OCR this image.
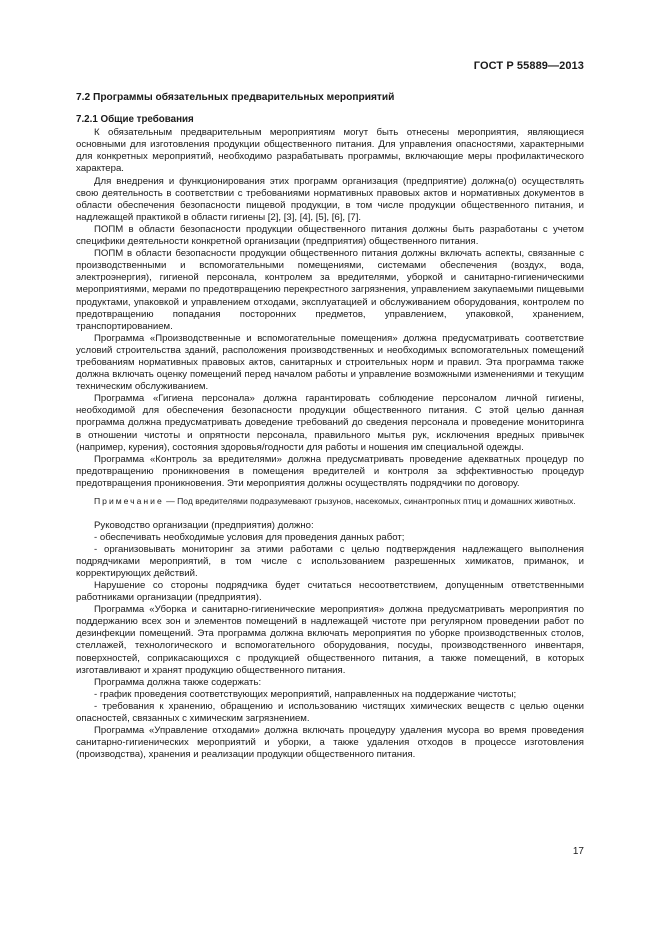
ГОСТ Р 55889—2013
7.2 Программы обязательных предварительных мероприятий
7.2.1 Общие требования

К обязательным предварительным мероприятиям могут быть отнесены мероприятия, являющиеся основными для изготовления продукции общественного питания. Для управления опасностями, характерными для конкретных мероприятий, необходимо разрабатывать программы, включающие меры профилактического характера.

Для внедрения и функционирования этих программ организация (предприятие) должна(о) осуществлять свою деятельность в соответствии с требованиями нормативных правовых актов и нормативных документов в области обеспечения безопасности пищевой продукции, в том числе продукции общественного питания, и надлежащей практикой в области гигиены [2], [3], [4], [5], [6], [7].

ПОПМ в области безопасности продукции общественного питания должны быть разработаны с учетом специфики деятельности конкретной организации (предприятия) общественного питания.

ПОПМ в области безопасности продукции общественного питания должны включать аспекты, связанные с производственными и вспомогательными помещениями, системами обеспечения (воздух, вода, электроэнергия), гигиеной персонала, контролем за вредителями, уборкой и санитарно-гигиеническими мероприятиями, мерами по предотвращению перекрестного загрязнения, управлением закупаемыми пищевыми продуктами, упаковкой и управлением отходами, эксплуатацией и обслуживанием оборудования, контролем по предотвращению попадания посторонних предметов, управлением, упаковкой, хранением, транспортированием.

Программа «Производственные и вспомогательные помещения» должна предусматривать соответствие условий строительства зданий, расположения производственных и необходимых вспомогательных помещений требованиям нормативных правовых актов, санитарных и строительных норм и правил. Эта программа также должна включать оценку помещений перед началом работы и управление возможными изменениями и текущим техническим обслуживанием.

Программа «Гигиена персонала» должна гарантировать соблюдение персоналом личной гигиены, необходимой для обеспечения безопасности продукции общественного питания. С этой целью данная программа должна предусматривать доведение требований до сведения персонала и проведение мониторинга в отношении чистоты и опрятности персонала, правильного мытья рук, исключения вредных привычек (например, курения), состояния здоровья/годности для работы и ношения им специальной одежды.

Программа «Контроль за вредителями» должна предусматривать проведение адекватных процедур по предотвращению проникновения в помещения вредителей и контроля за эффективностью процедур предотвращения проникновения. Эти мероприятия должны осуществлять подрядчики по договору.

Примечание — Под вредителями подразумевают грызунов, насекомых, синантропных птиц и домашних животных.

Руководство организации (предприятия) должно:

- обеспечивать необходимые условия для проведения данных работ;

- организовывать мониторинг за этими работами с целью подтверждения надлежащего выполнения подрядчиками мероприятий, в том числе с использованием разрешенных химикатов, приманок, и корректирующих действий.

Нарушение со стороны подрядчика будет считаться несоответствием, допущенным ответственными работниками организации (предприятия).

Программа «Уборка и санитарно-гигиенические мероприятия» должна предусматривать мероприятия по поддержанию всех зон и элементов помещений в надлежащей чистоте при регулярном проведении работ по дезинфекции помещений. Эта программа должна включать мероприятия по уборке производственных столов, стеллажей, технологического и вспомогательного оборудования, посуды, производственного инвентаря, поверхностей, соприкасающихся с продукцией общественного питания, а также помещений, в которых изготавливают и хранят продукцию общественного питания.

Программа должна также содержать:

- график проведения соответствующих мероприятий, направленных на поддержание чистоты;

- требования к хранению, обращению и использованию чистящих химических веществ с целью оценки опасностей, связанных с химическим загрязнением.

Программа «Управление отходами» должна включать процедуру удаления мусора во время проведения санитарно-гигиенических мероприятий и уборки, а также удаления отходов в процессе изготовления (производства), хранения и реализации продукции общественного питания.

17
